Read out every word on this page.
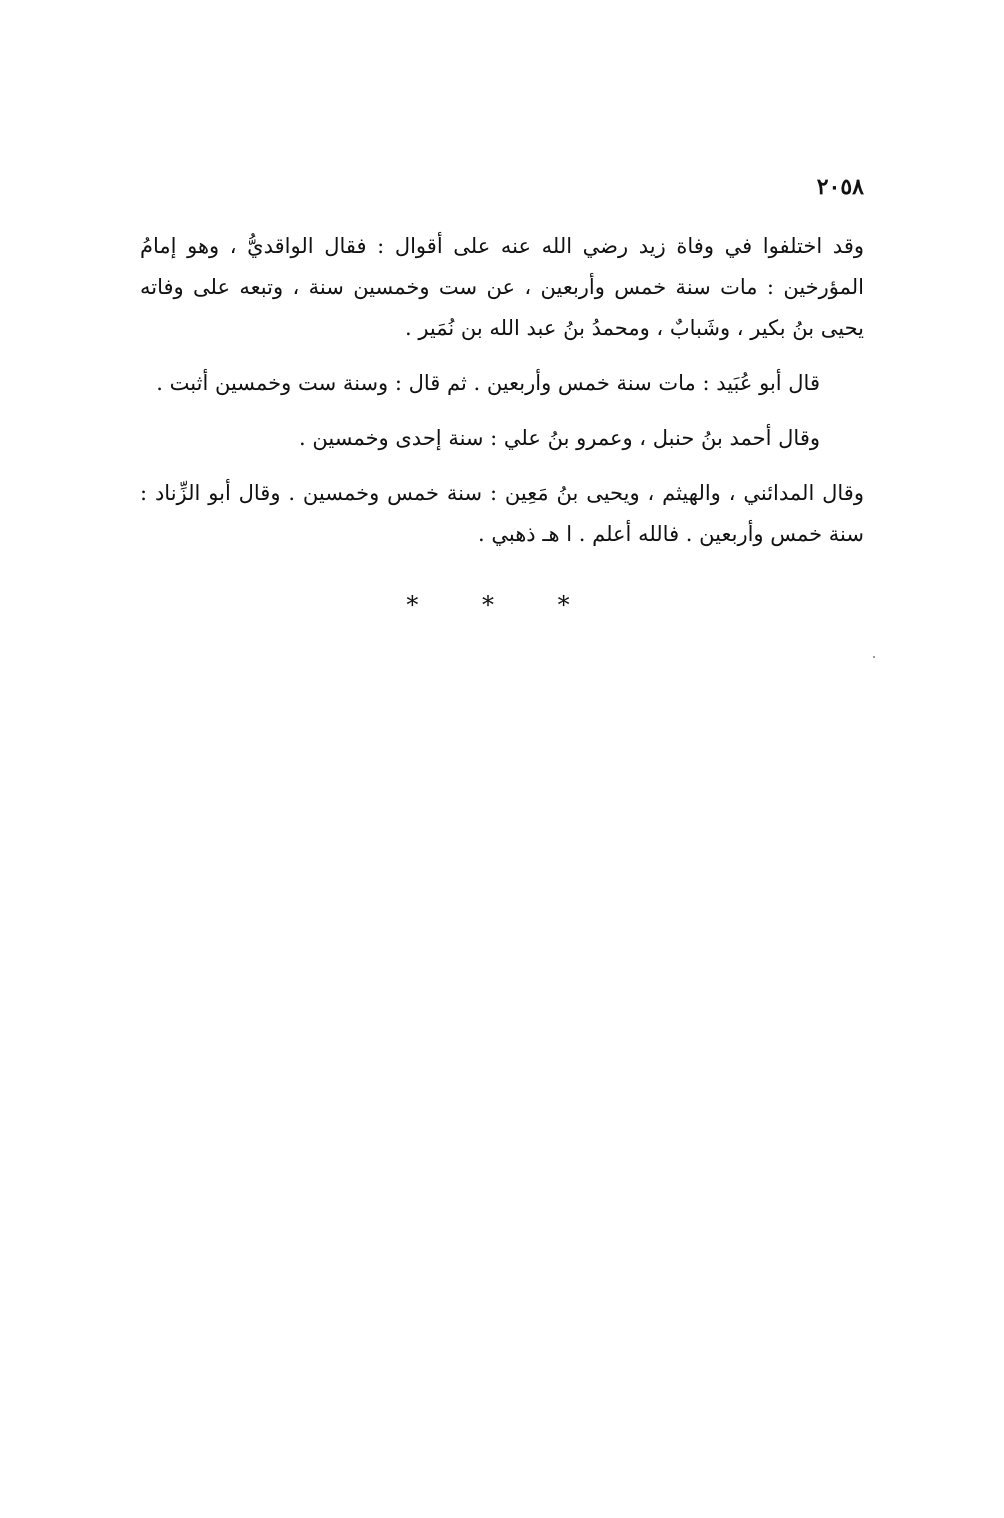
٢٠٥٨

وقد اختلفوا في وفاة زيد رضي الله عنه على أقوال : فقال الواقديُّ ، وهو إمامُ المؤرخين : مات سنة خمس وأربعين ، عن ست وخمسين سنة ، وتبعه على وفاته يحيى بنُ بكير ، وشَبابٌ ، ومحمدُ بنُ عبد الله بن نُمَير .

قال أبو عُبَيد : مات سنة خمس وأربعين . ثم قال : وسنة ست وخمسين أثبت .

وقال أحمد بنُ حنبل ، وعمرو بنُ علي : سنة إحدى وخمسين .

وقال المدائني ، والهيثم ، ويحيى بنُ مَعِين : سنة خمس وخمسين . وقال أبو الزِّناد : سنة خمس وأربعين . فالله أعلم . ا هـ ذهبي .

* * *
